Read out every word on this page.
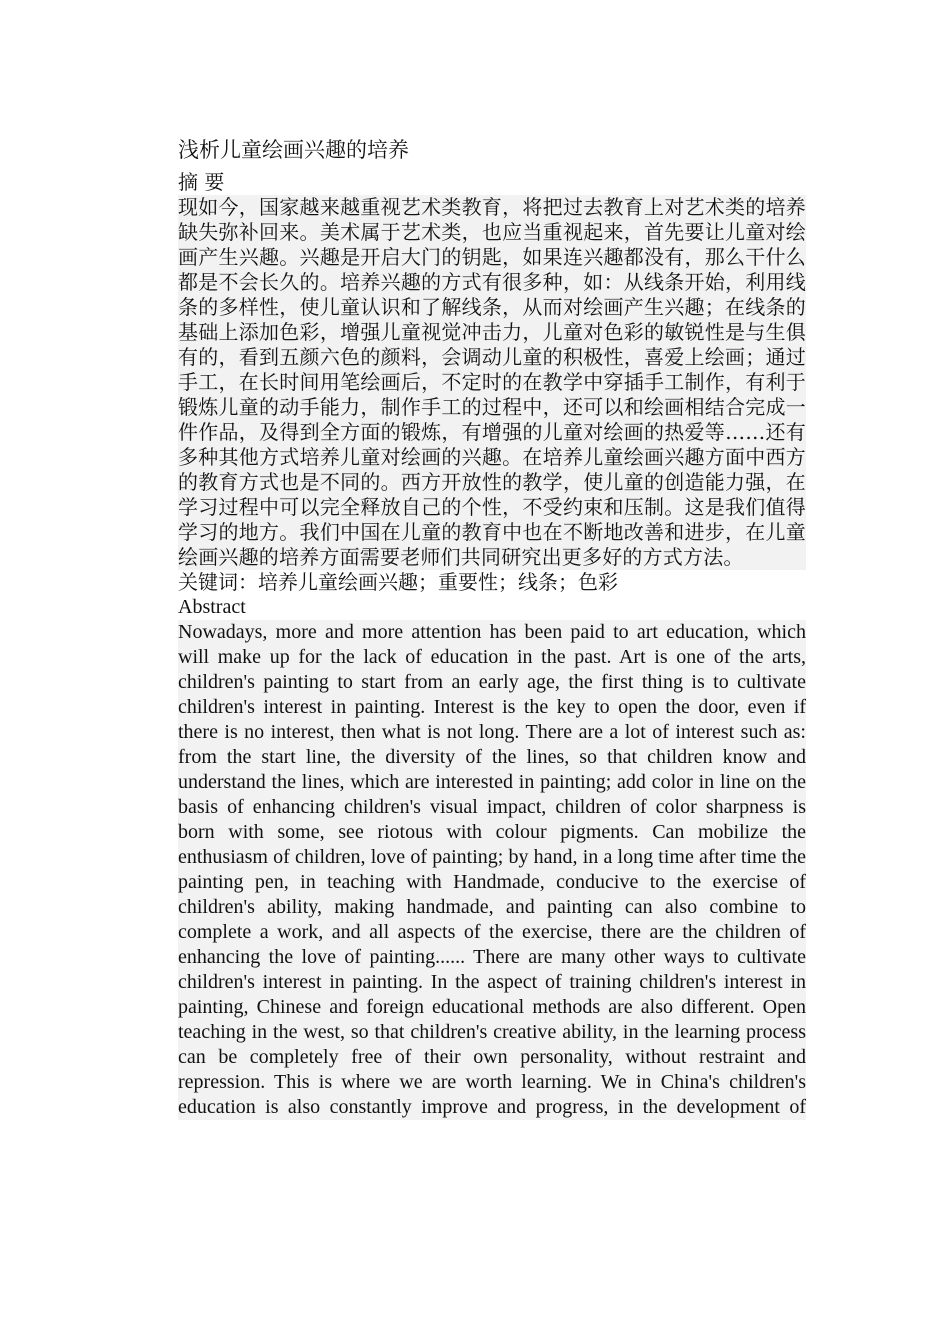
浅析儿童绘画兴趣的培养
摘 要
现如今，国家越来越重视艺术类教育，将把过去教育上对艺术类的培养缺失弥补回来。美术属于艺术类，也应当重视起来，首先要让儿童对绘画产生兴趣。兴趣是开启大门的钥匙，如果连兴趣都没有，那么干什么都是不会长久的。培养兴趣的方式有很多种，如：从线条开始，利用线条的多样性，使儿童认识和了解线条，从而对绘画产生兴趣；在线条的基础上添加色彩，增强儿童视觉冲击力，儿童对色彩的敏锐性是与生俱有的，看到五颜六色的颜料，会调动儿童的积极性，喜爱上绘画；通过手工，在长时间用笔绘画后，不定时的在教学中穿插手工制作，有利于锻炼儿童的动手能力，制作手工的过程中，还可以和绘画相结合完成一件作品，及得到全方面的锻炼，有增强的儿童对绘画的热爱等……还有多种其他方式培养儿童对绘画的兴趣。在培养儿童绘画兴趣方面中西方的教育方式也是不同的。西方开放性的教学，使儿童的创造能力强，在学习过程中可以完全释放自己的个性，不受约束和压制。这是我们值得学习的地方。我们中国在儿童的教育中也在不断地改善和进步，在儿童绘画兴趣的培养方面需要老师们共同研究出更多好的方式方法。
关键词：培养儿童绘画兴趣；重要性；线条；色彩
Abstract
Nowadays, more and more attention has been paid to art education, which will make up for the lack of education in the past. Art is one of the arts, children's painting to start from an early age, the first thing is to cultivate children's interest in painting. Interest is the key to open the door, even if there is no interest, then what is not long. There are a lot of interest such as: from the start line, the diversity of the lines, so that children know and understand the lines, which are interested in painting; add color in line on the basis of enhancing children's visual impact, children of color sharpness is born with some, see riotous with colour pigments. Can mobilize the enthusiasm of children, love of painting; by hand, in a long time after time the painting pen, in teaching with Handmade, conducive to the exercise of children's ability, making handmade, and painting can also combine to complete a work, and all aspects of the exercise, there are the children of enhancing the love of painting...... There are many other ways to cultivate children's interest in painting. In the aspect of training children's interest in painting, Chinese and foreign educational methods are also different. Open teaching in the west, so that children's creative ability, in the learning process can be completely free of their own personality, without restraint and repression. This is where we are worth learning. We in China's children's education is also constantly improve and progress, in the development of
